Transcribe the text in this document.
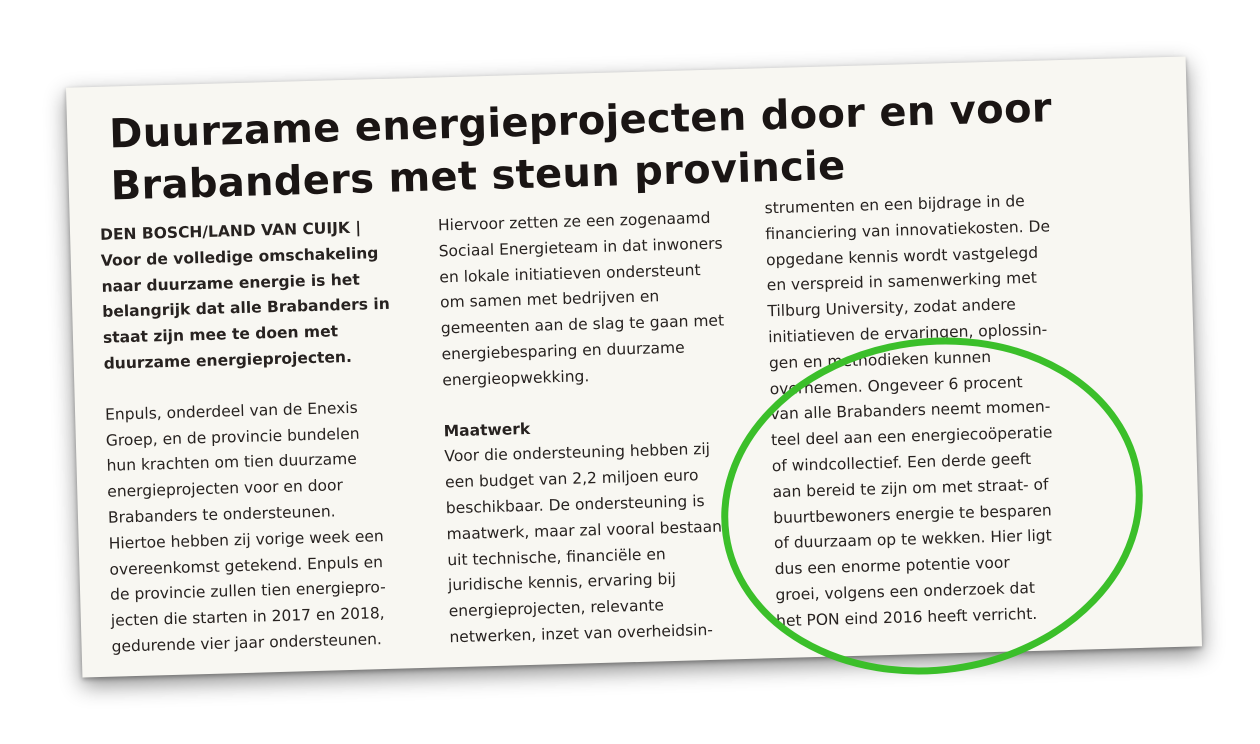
Duurzame energieprojecten door en voor Brabanders met steun provincie

DEN BOSCH/LAND VAN CUIJK |

Voor de volledige omschakeling
naar duurzame energie is het
belangrijk dat alle Brabanders in
staat zijn mee te doen met
duurzame energieprojecten.

Enpuls, onderdeel van de Enexis
Groep, en de provincie bundelen
hun krachten om tien duurzame
energieprojecten voor en door
Brabanders te ondersteunen.
Hiertoe hebben zij vorige week een
overeenkomst getekend. Enpuls en
de provincie zullen tien energiepro-
jecten die starten in 2017 en 2018,
gedurende vier jaar ondersteunen.

Hiervoor zetten ze een zogenaamd
Sociaal Energieteam in dat inwoners
en lokale initiatieven ondersteunt
om samen met bedrijven en
gemeenten aan de slag te gaan met
energiebesparing en duurzame
energieopwekking.

Maatwerk

Voor die ondersteuning hebben zij
een budget van 2,2 miljoen euro
beschikbaar. De ondersteuning is
maatwerk, maar zal vooral bestaan
uit technische, financiële en
juridische kennis, ervaring bij
energieprojecten, relevante
netwerken, inzet van overheidsin-

strumenten en een bijdrage in de
financiering van innovatiekosten. De
opgedane kennis wordt vastgelegd
en verspreid in samenwerking met
Tilburg University, zodat andere
initiatieven de ervaringen, oplossin-
gen en methodieken kunnen
overnemen. Ongeveer 6 procent
van alle Brabanders neemt momen-
teel deel aan een energiecoöperatie
of windcollectief. Een derde geeft
aan bereid te zijn om met straat- of
buurtbewoners energie te besparen
of duurzaam op te wekken. Hier ligt
dus een enorme potentie voor
groei, volgens een onderzoek dat
het PON eind 2016 heeft verricht.
